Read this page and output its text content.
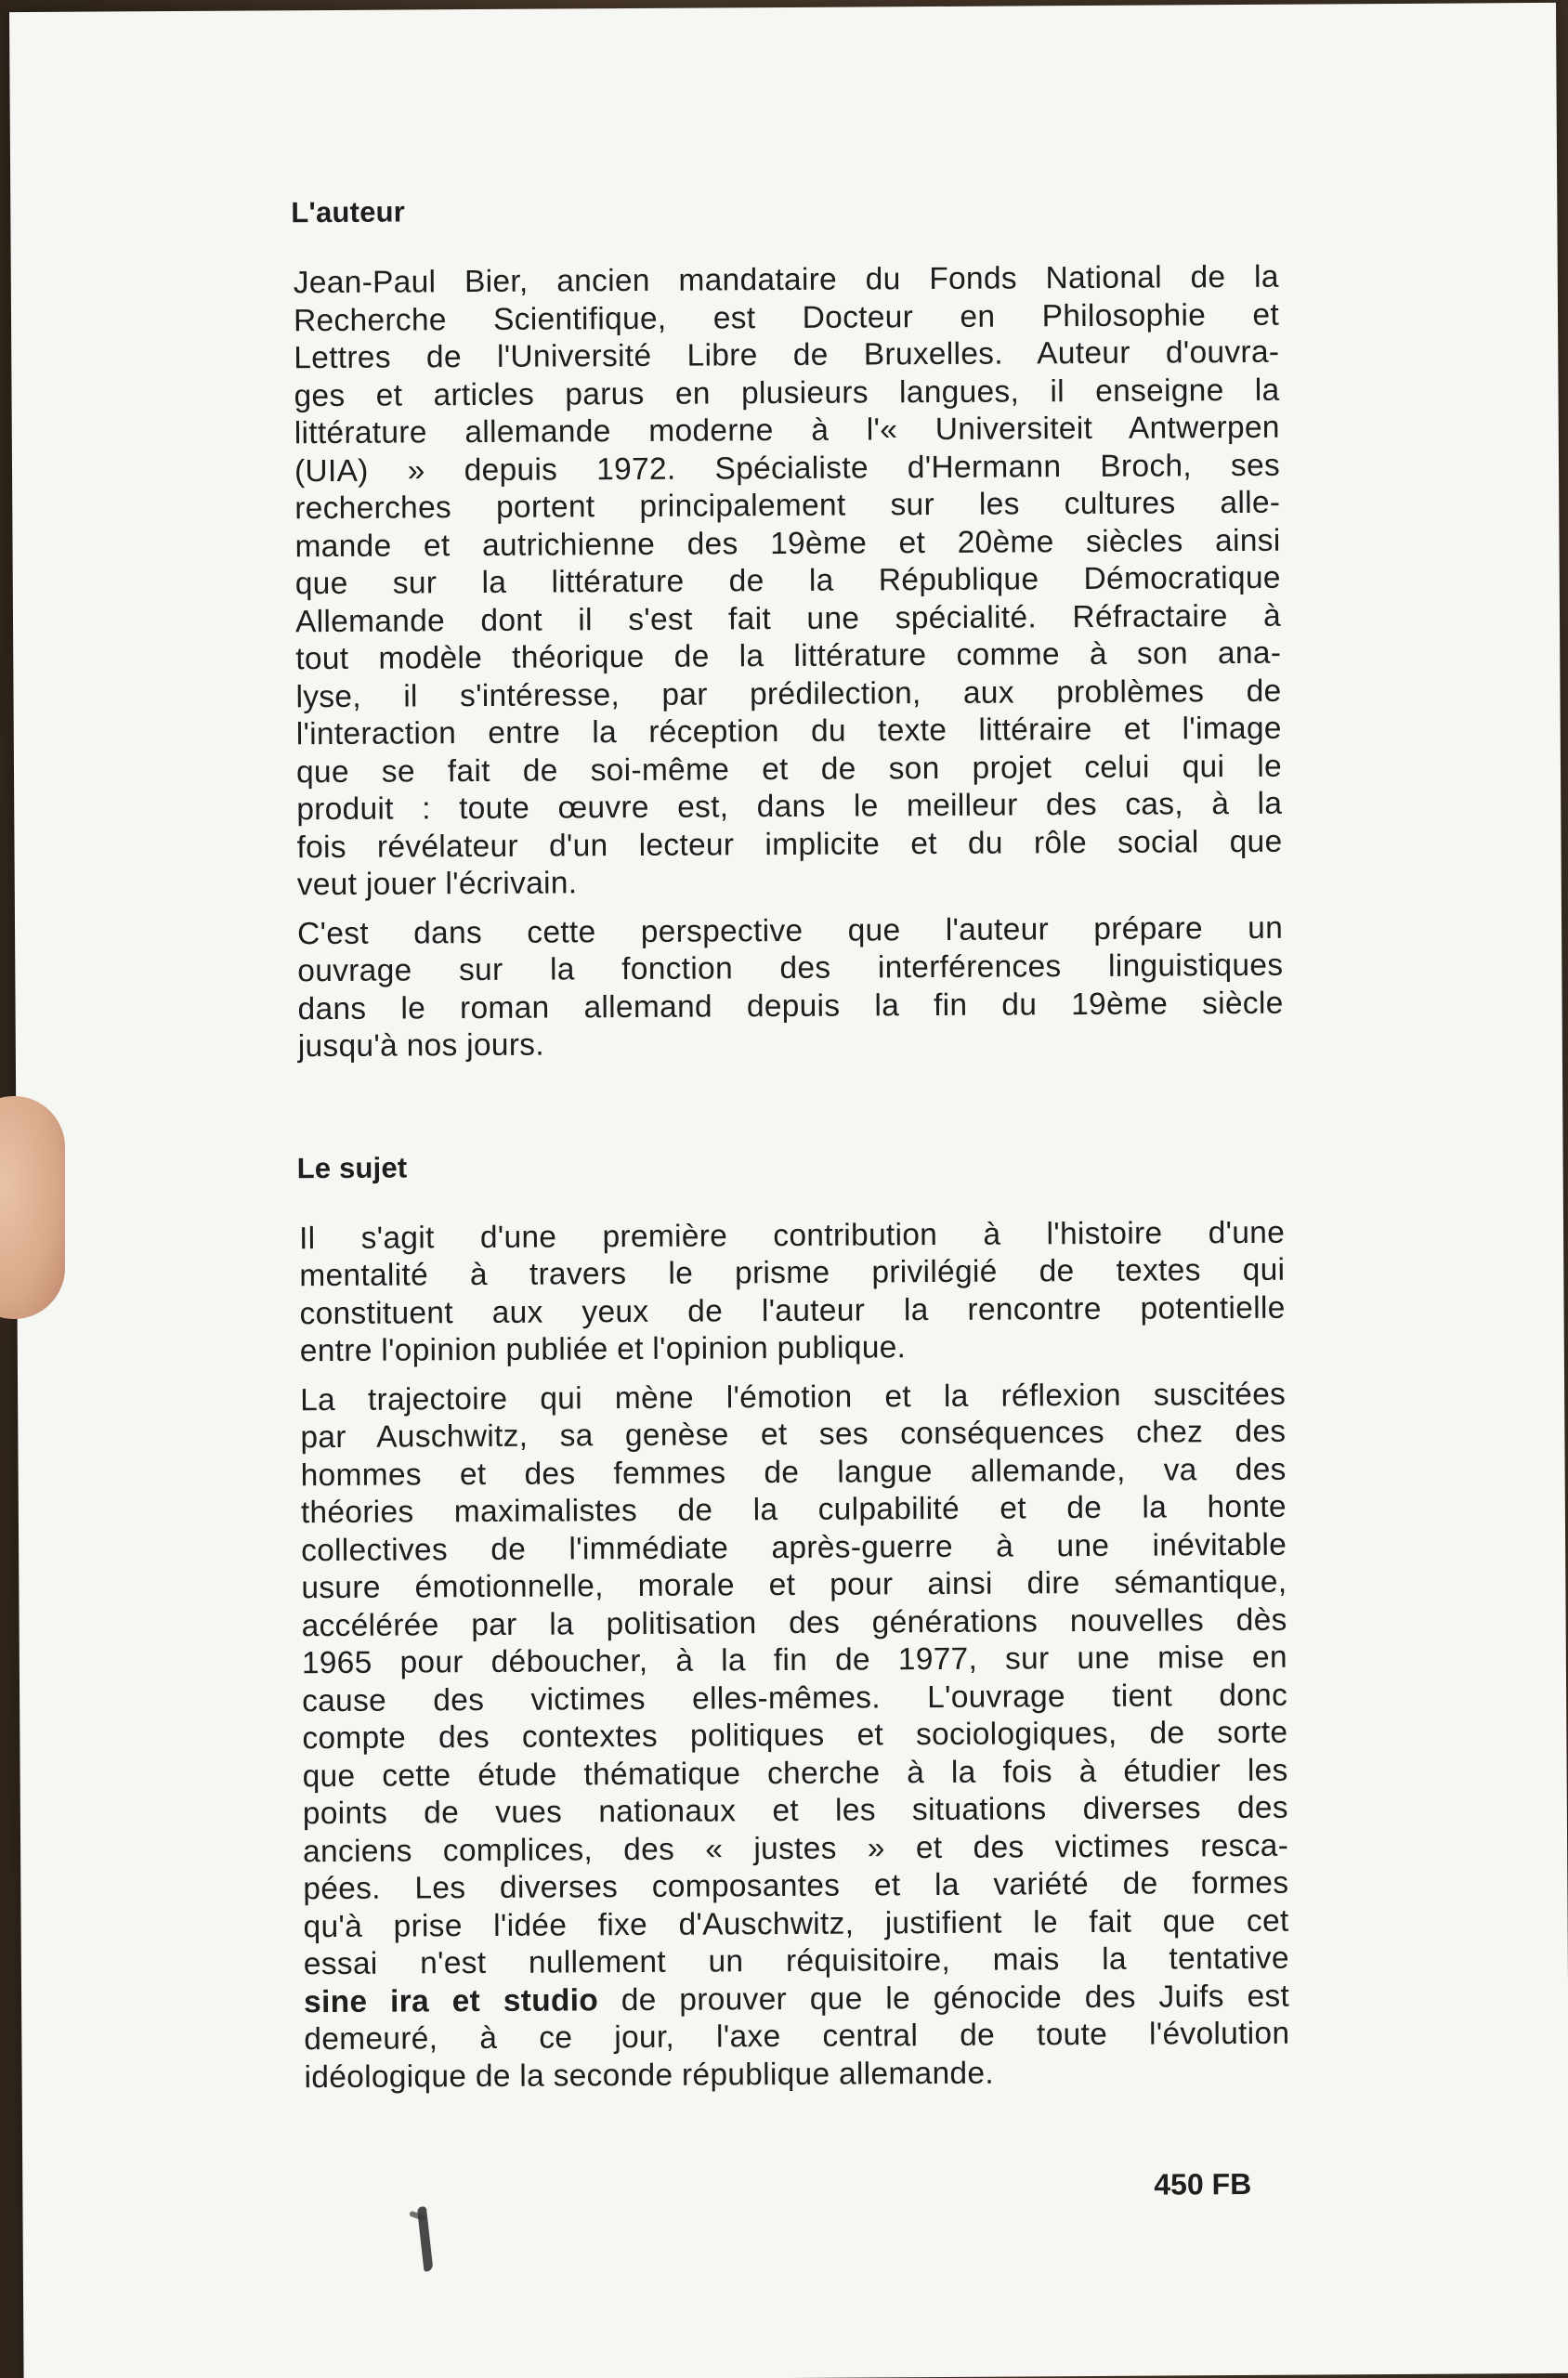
L'auteur
Jean-Paul Bier, ancien mandataire du Fonds National de la
Recherche Scientifique, est Docteur en Philosophie et
Lettres de l'Université Libre de Bruxelles. Auteur d'ouvra-
ges et articles parus en plusieurs langues, il enseigne la
littérature allemande moderne à l'« Universiteit Antwerpen
(UIA) » depuis 1972. Spécialiste d'Hermann Broch, ses
recherches portent principalement sur les cultures alle-
mande et autrichienne des 19ème et 20ème siècles ainsi
que sur la littérature de la République Démocratique
Allemande dont il s'est fait une spécialité. Réfractaire à
tout modèle théorique de la littérature comme à son ana-
lyse, il s'intéresse, par prédilection, aux problèmes de
l'interaction entre la réception du texte littéraire et l'image
que se fait de soi-même et de son projet celui qui le
produit : toute œuvre est, dans le meilleur des cas, à la
fois révélateur d'un lecteur implicite et du rôle social que
veut jouer l'écrivain.
C'est dans cette perspective que l'auteur prépare un
ouvrage sur la fonction des interférences linguistiques
dans le roman allemand depuis la fin du 19ème siècle
jusqu'à nos jours.
Le sujet
Il s'agit d'une première contribution à l'histoire d'une
mentalité à travers le prisme privilégié de textes qui
constituent aux yeux de l'auteur la rencontre potentielle
entre l'opinion publiée et l'opinion publique.
La trajectoire qui mène l'émotion et la réflexion suscitées
par Auschwitz, sa genèse et ses conséquences chez des
hommes et des femmes de langue allemande, va des
théories maximalistes de la culpabilité et de la honte
collectives de l'immédiate après-guerre à une inévitable
usure émotionnelle, morale et pour ainsi dire sémantique,
accélérée par la politisation des générations nouvelles dès
1965 pour déboucher, à la fin de 1977, sur une mise en
cause des victimes elles-mêmes. L'ouvrage tient donc
compte des contextes politiques et sociologiques, de sorte
que cette étude thématique cherche à la fois à étudier les
points de vues nationaux et les situations diverses des
anciens complices, des « justes » et des victimes rescа-
pées. Les diverses composantes et la variété de formes
qu'à prise l'idée fixe d'Auschwitz, justifient le fait que cet
essai n'est nullement un réquisitoire, mais la tentative
sine ira et studio de prouver que le génocide des Juifs est
demeuré, à ce jour, l'axe central de toute l'évolution
idéologique de la seconde république allemande.
450 FB
